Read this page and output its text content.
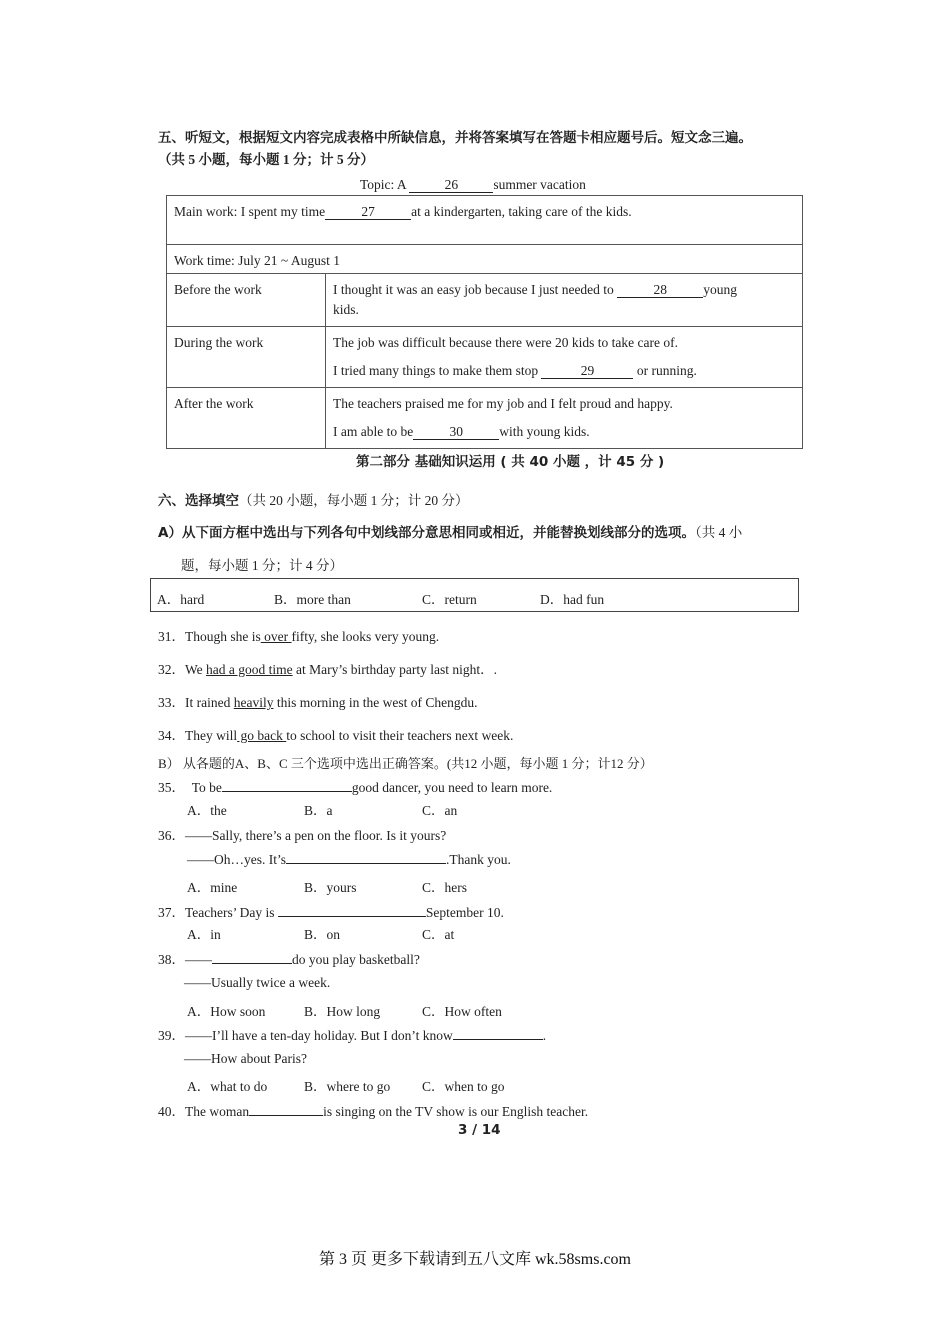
五、听短文，根据短文内容完成表格中所缺信息，并将答案填写在答题卡相应题号后。短文念三遍。
（共 5 小题，每小题 1 分；计 5 分）
Topic: A	26	summer vacation
Main work: I spent my time 27 at a kindergarten, taking care of the kids.	
Work time: July 21 ~ August 1	
Before the work	I thought it was an easy job because I just needed to 28 young
kids.
During the work	The job was difficult because there were 20 kids to take care of.
I tried many things to make them stop 29 or running.

After the work	The teachers praised me for my job and I felt proud and happy.
I am able to be 30 with young kids.
第二部分 基础知识运用 ( 共 40 小题 ，计 45 分 )
六、选择填空（共 20 小题，每小题 1 分；计 20 分）
A）从下面方框中选出与下列各句中划线部分意思相同或相近，并能替换划线部分的选项。（共 4 小
题，每小题 1 分；计 4 分）
A．hard	B．more than	C．return	D．had fun
31．Though she is over fifty, she looks very young.
32．We had a good time at Mary’s birthday party last night．.
33．It rained heavily this morning in the west of Chengdu.
34．They will go back to school to visit their teachers next week.
B） 从各题的A、B、C 三个选项中选出正确答案。(共12 小题，每小题 1 分；计12 分）
35． To be	good dancer, you need to learn more.
A．the	B．a	C．an
36．——Sally, there’s a pen on the floor. Is it yours?
——Oh…yes. It’s	.Thank you.
A．mine	B．yours	C．hers
37．Teachers’ Day is	September 10.
A．in	B．on	C．at
38．——	do you play basketball?
——Usually twice a week.
A．How soon	B．How long	C．How often
39．——I’ll have a ten-day holiday. But I don’t know	.
——How about Paris?
A．what to do	B．where to go C．when to go
40．The woman	is singing on the TV show is our English teacher.
3 / 14
第 3 页 更多下载请到五八文库 wk.58sms.com
